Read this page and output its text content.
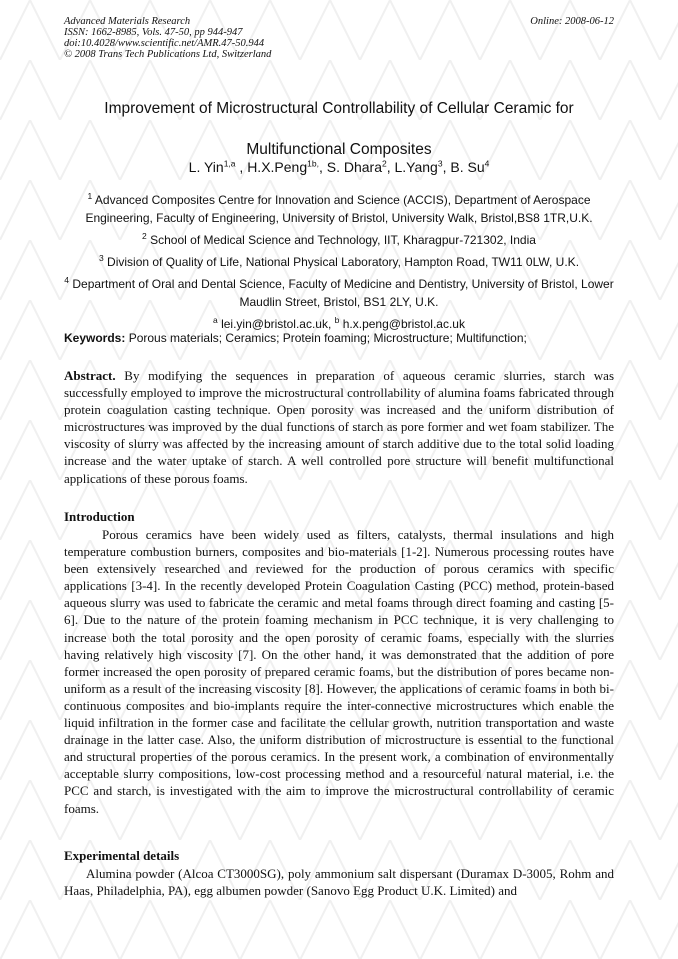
Advanced Materials Research
ISSN: 1662-8985, Vols. 47-50, pp 944-947
doi:10.4028/www.scientific.net/AMR.47-50.944
© 2008 Trans Tech Publications Ltd, Switzerland
Online: 2008-06-12
Improvement of Microstructural Controllability of Cellular Ceramic for Multifunctional Composites
L. Yin$^{1,a}$ , H.X.Peng$^{1b,}$, S. Dhara$^2$, L.Yang$^3$, B. Su$^4$
$^1$ Advanced Composites Centre for Innovation and Science (ACCIS), Department of Aerospace Engineering, Faculty of Engineering, University of Bristol, University Walk, Bristol,BS8 1TR,U.K.
$^2$ School of Medical Science and Technology, IIT, Kharagpur-721302, India
$^3$ Division of Quality of Life, National Physical Laboratory, Hampton Road, TW11 0LW, U.K.
$^4$ Department of Oral and Dental Science, Faculty of Medicine and Dentistry, University of Bristol, Lower Maudlin Street, Bristol, BS1 2LY, U.K.
$^a$ lei.yin@bristol.ac.uk, $^b$ h.x.peng@bristol.ac.uk
Keywords: Porous materials; Ceramics; Protein foaming; Microstructure; Multifunction;
Abstract. By modifying the sequences in preparation of aqueous ceramic slurries, starch was successfully employed to improve the microstructural controllability of alumina foams fabricated through protein coagulation casting technique. Open porosity was increased and the uniform distribution of microstructures was improved by the dual functions of starch as pore former and wet foam stabilizer. The viscosity of slurry was affected by the increasing amount of starch additive due to the total solid loading increase and the water uptake of starch. A well controlled pore structure will benefit multifunctional applications of these porous foams.
Introduction
Porous ceramics have been widely used as filters, catalysts, thermal insulations and high temperature combustion burners, composites and bio-materials [1-2]. Numerous processing routes have been extensively researched and reviewed for the production of porous ceramics with specific applications [3-4]. In the recently developed Protein Coagulation Casting (PCC) method, protein-based aqueous slurry was used to fabricate the ceramic and metal foams through direct foaming and casting [5-6]. Due to the nature of the protein foaming mechanism in PCC technique, it is very challenging to increase both the total porosity and the open porosity of ceramic foams, especially with the slurries having relatively high viscosity [7]. On the other hand, it was demonstrated that the addition of pore former increased the open porosity of prepared ceramic foams, but the distribution of pores became non-uniform as a result of the increasing viscosity [8]. However, the applications of ceramic foams in both bi-continuous composites and bio-implants require the inter-connective microstructures which enable the liquid infiltration in the former case and facilitate the cellular growth, nutrition transportation and waste drainage in the latter case. Also, the uniform distribution of microstructure is essential to the functional and structural properties of the porous ceramics. In the present work, a combination of environmentally acceptable slurry compositions, low-cost processing method and a resourceful natural material, i.e. the PCC and starch, is investigated with the aim to improve the microstructural controllability of ceramic foams.
Experimental details
Alumina powder (Alcoa CT3000SG), poly ammonium salt dispersant (Duramax D-3005, Rohm and Haas, Philadelphia, PA), egg albumen powder (Sanovo Egg Product U.K. Limited) and
